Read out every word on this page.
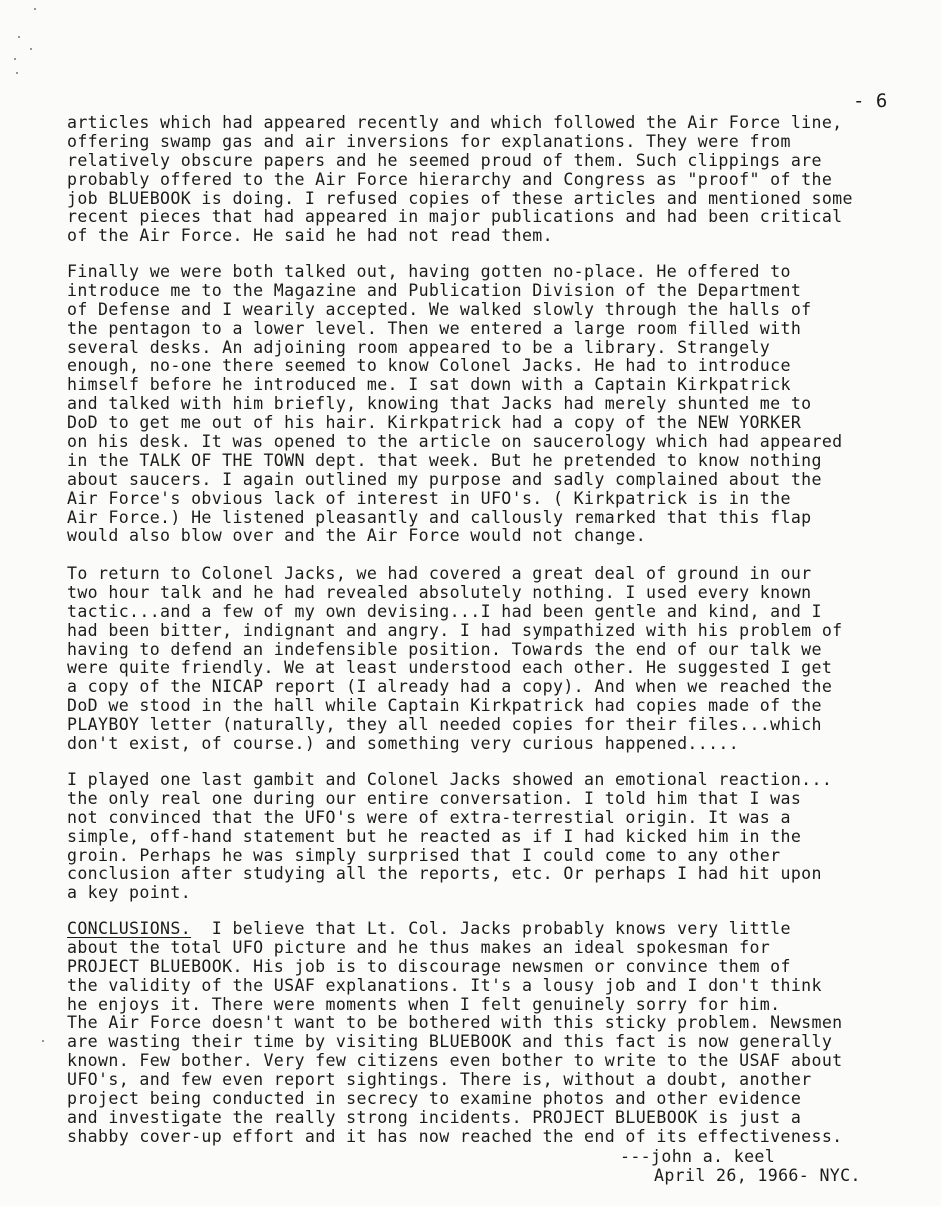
- 6
articles which had appeared recently and which followed the Air Force line,
offering swamp gas and air inversions for explanations. They were from
relatively obscure papers and he seemed proud of them. Such clippings are
probably offered to the Air Force hierarchy and Congress as "proof" of the
job BLUEBOOK is doing. I refused copies of these articles and mentioned some
recent pieces that had appeared in major publications and had been critical
of the Air Force. He said he had not read them.
Finally we were both talked out, having gotten no-place. He offered to
introduce me to the Magazine and Publication Division of the Department
of Defense and I wearily accepted. We walked slowly through the halls of
the pentagon to a lower level. Then we entered a large room filled with
several desks. An adjoining room appeared to be a library. Strangely
enough, no-one there seemed to know Colonel Jacks. He had to introduce
himself before he introduced me. I sat down with a Captain Kirkpatrick
and talked with him briefly, knowing that Jacks had merely shunted me to
DoD to get me out of his hair. Kirkpatrick had a copy of the NEW YORKER
on his desk. It was opened to the article on saucerology which had appeared
in the TALK OF THE TOWN dept. that week. But he pretended to know nothing
about saucers. I again outlined my purpose and sadly complained about the
Air Force's obvious lack of interest in UFO's. ( Kirkpatrick is in the
Air Force.) He listened pleasantly and callously remarked that this flap
would also blow over and the Air Force would not change.
To return to Colonel Jacks, we had covered a great deal of ground in our
two hour talk and he had revealed absolutely nothing. I used every known
tactic...and a few of my own devising...I had been gentle and kind, and I
had been bitter, indignant and angry. I had sympathized with his problem of
having to defend an indefensible position. Towards the end of our talk we
were quite friendly. We at least understood each other. He suggested I get
a copy of the NICAP report (I already had a copy). And when we reached the
DoD we stood in the hall while Captain Kirkpatrick had copies made of the
PLAYBOY letter (naturally, they all needed copies for their files...which
don't exist, of course.) and something very curious happened.....
I played one last gambit and Colonel Jacks showed an emotional reaction...
the only real one during our entire conversation. I told him that I was
not convinced that the UFO's were of extra-terrestial origin. It was a
simple, off-hand statement but he reacted as if I had kicked him in the
groin. Perhaps he was simply surprised that I could come to any other
conclusion after studying all the reports, etc. Or perhaps I had hit upon
a key point.
CONCLUSIONS.  I believe that Lt. Col. Jacks probably knows very little
about the total UFO picture and he thus makes an ideal spokesman for
PROJECT BLUEBOOK. His job is to discourage newsmen or convince them of
the validity of the USAF explanations. It's a lousy job and I don't think
he enjoys it. There were moments when I felt genuinely sorry for him.
The Air Force doesn't want to be bothered with this sticky problem. Newsmen
are wasting their time by visiting BLUEBOOK and this fact is now generally
known. Few bother. Very few citizens even bother to write to the USAF about
UFO's, and few even report sightings. There is, without a doubt, another
project being conducted in secrecy to examine photos and other evidence
and investigate the really strong incidents. PROJECT BLUEBOOK is just a
shabby cover-up effort and it has now reached the end of its effectiveness.
---john a. keel
April 26, 1966- NYC.
